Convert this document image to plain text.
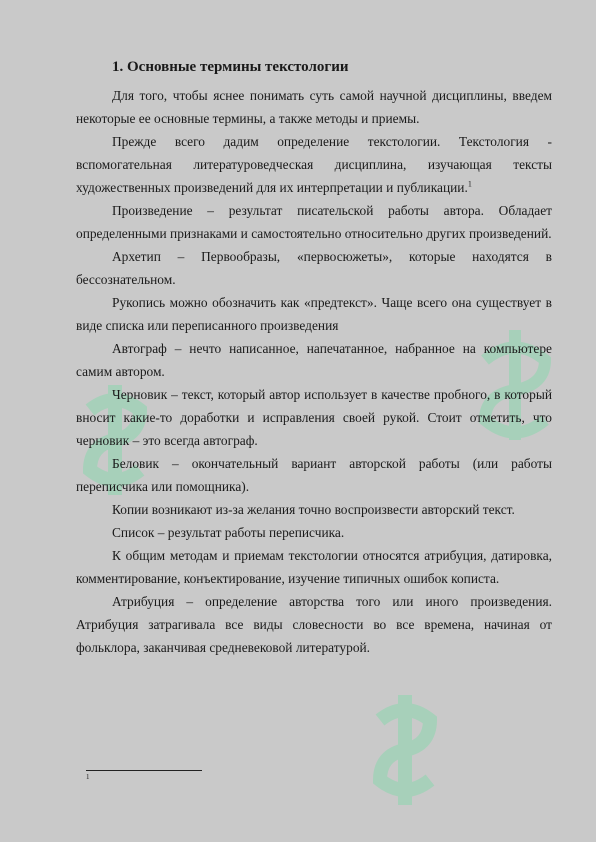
1. Основные термины текстологии

Для того, чтобы яснее понимать суть самой научной дисциплины, введем некоторые ее основные термины, а также методы и приемы.

Прежде всего дадим определение текстологии. Текстология - вспомогательная литературоведческая дисциплина, изучающая тексты художественных произведений для их интерпретации и публикации.$^1$

Произведение – результат писательской работы автора. Обладает определенными признаками и самостоятельно относительно других произведений.

Архетип – Первообразы, «первосюжеты», которые находятся в бессознательном.

Рукопись можно обозначить как «предтекст». Чаще всего она существует в виде списка или переписанного произведения

Автограф – нечто написанное, напечатанное, набранное на компьютере самим автором.

Черновик – текст, который автор использует в качестве пробного, в который вносит какие-то доработки и исправления своей рукой. Стоит отметить, что черновик – это всегда автограф.

Беловик – окончательный вариант авторской работы (или работы переписчика или помощника).

Копии возникают из-за желания точно воспроизвести авторский текст.

Список – результат работы переписчика.

К общим методам и приемам текстологии относятся атрибуция, датировка, комментирование, конъектирование, изучение типичных ошибок кописта.

Атрибуция – определение авторства того или иного произведения. Атрибуция затрагивала все виды словесности во все времена, начиная от фольклора, заканчивая средневековой литературой.

1
